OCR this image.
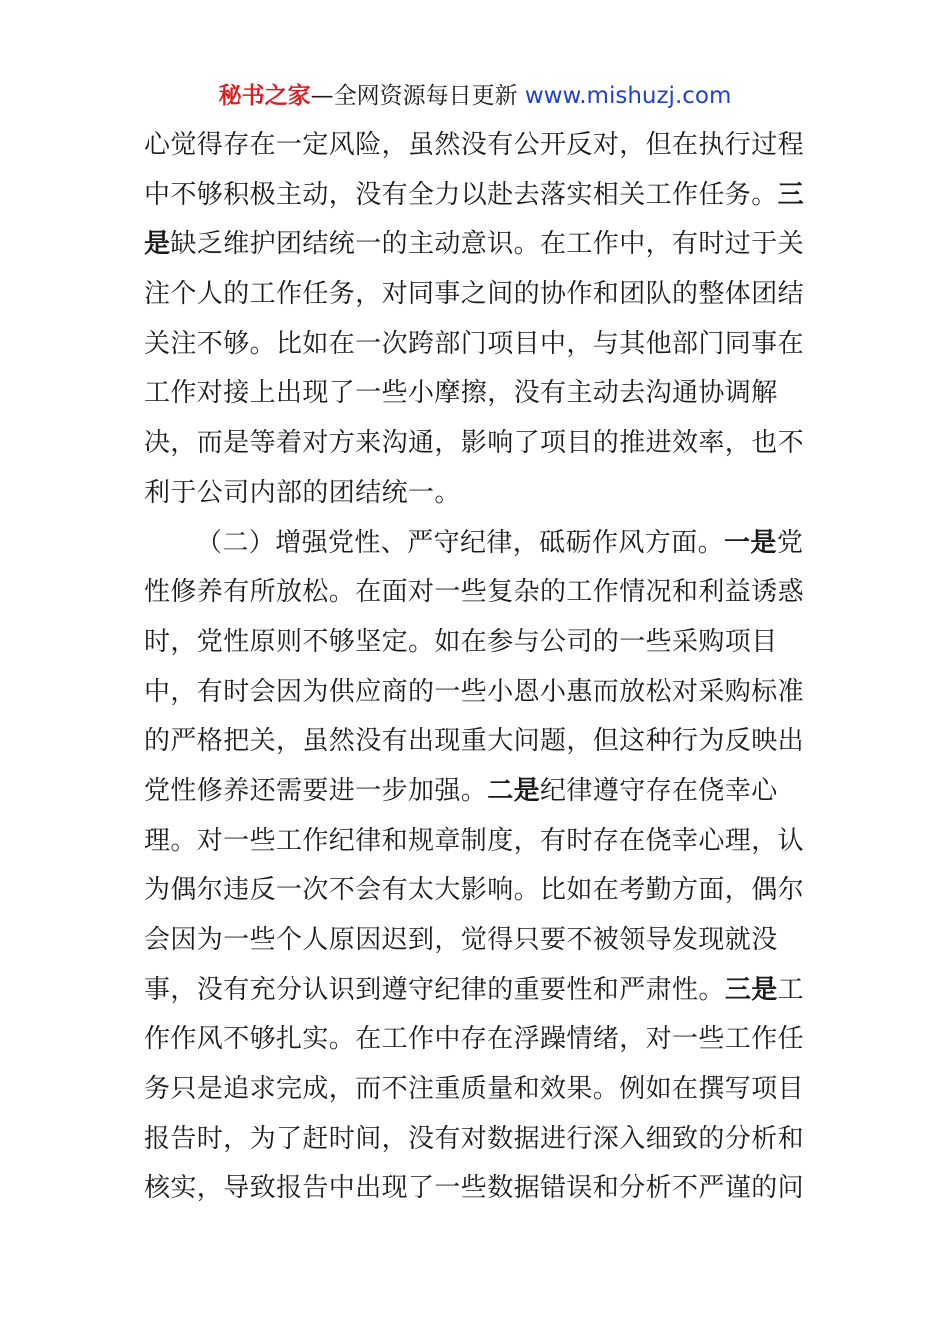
秘书之家—全网资源每日更新 www.mishuzj.com
心觉得存在一定风险，虽然没有公开反对，但在执行过程
中不够积极主动，没有全力以赴去落实相关工作任务。三
是缺乏维护团结统一的主动意识。在工作中，有时过于关
注个人的工作任务，对同事之间的协作和团队的整体团结
关注不够。比如在一次跨部门项目中，与其他部门同事在
工作对接上出现了一些小摩擦，没有主动去沟通协调解
决，而是等着对方来沟通，影响了项目的推进效率，也不
利于公司内部的团结统一。
（二）增强党性、严守纪律，砥砺作风方面。一是党
性修养有所放松。在面对一些复杂的工作情况和利益诱惑
时，党性原则不够坚定。如在参与公司的一些采购项目
中，有时会因为供应商的一些小恩小惠而放松对采购标准
的严格把关，虽然没有出现重大问题，但这种行为反映出
党性修养还需要进一步加强。二是纪律遵守存在侥幸心
理。对一些工作纪律和规章制度，有时存在侥幸心理，认
为偶尔违反一次不会有太大影响。比如在考勤方面，偶尔
会因为一些个人原因迟到，觉得只要不被领导发现就没
事，没有充分认识到遵守纪律的重要性和严肃性。三是工
作作风不够扎实。在工作中存在浮躁情绪，对一些工作任
务只是追求完成，而不注重质量和效果。例如在撰写项目
报告时，为了赶时间，没有对数据进行深入细致的分析和
核实，导致报告中出现了一些数据错误和分析不严谨的问
